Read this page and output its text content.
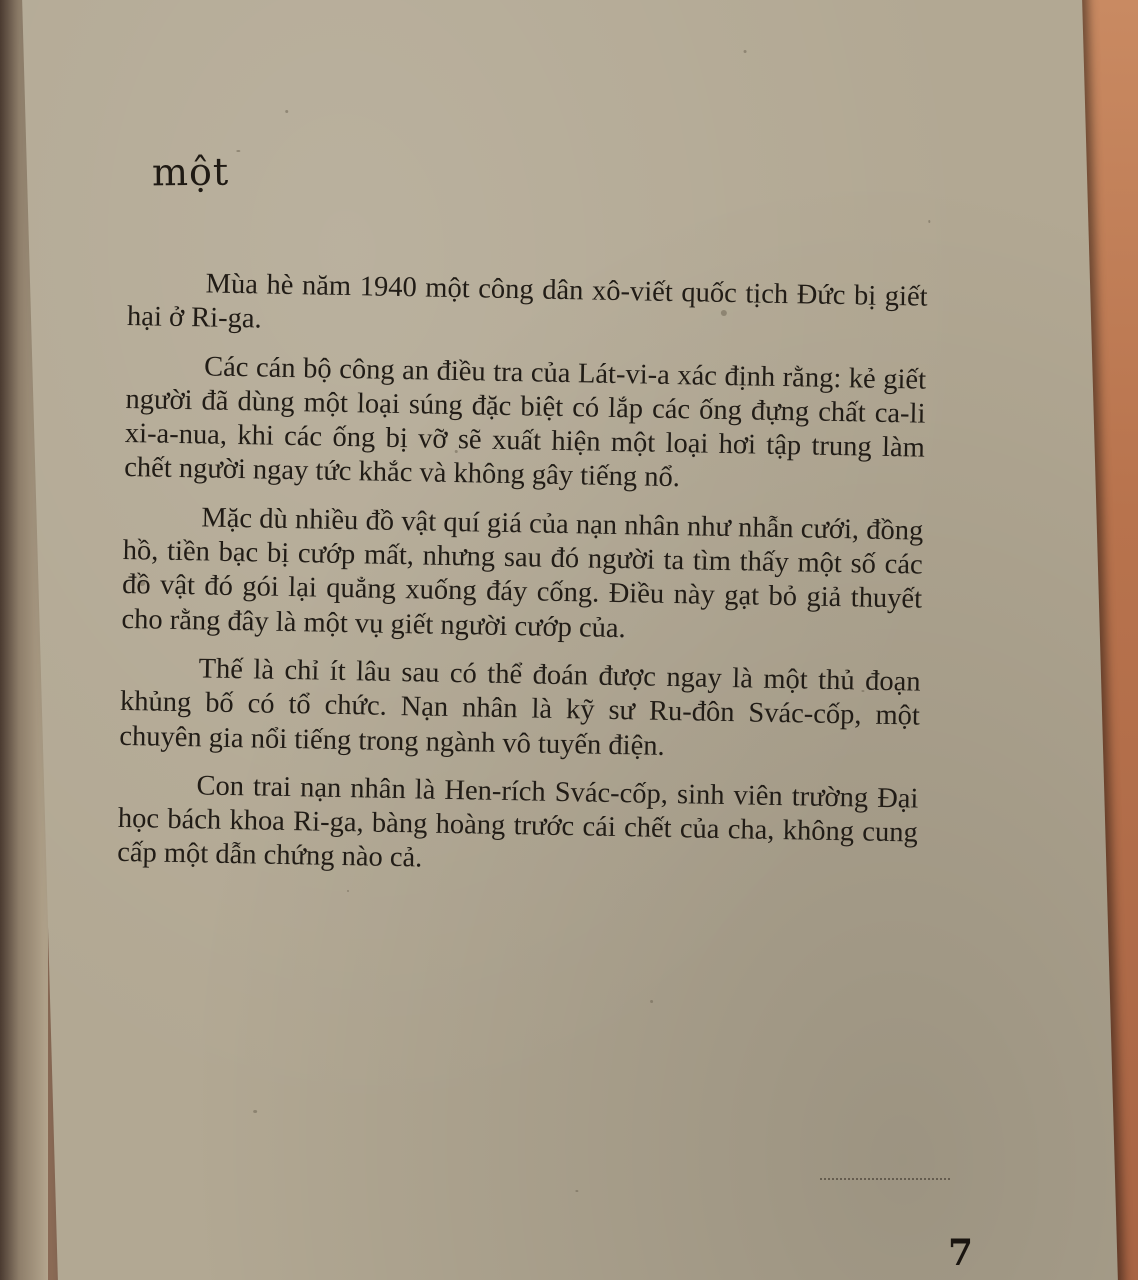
một

Mùa hè năm 1940 một công dân xô-viết quốc tịch Đức bị giết hại ở Ri-ga.

Các cán bộ công an điều tra của Lát-vi-a xác định rằng: kẻ giết người đã dùng một loại súng đặc biệt có lắp các ống đựng chất ca-li xi-a-nua, khi các ống bị vỡ sẽ xuất hiện một loại hơi tập trung làm chết người ngay tức khắc và không gây tiếng nổ.

Mặc dù nhiều đồ vật quí giá của nạn nhân như nhẫn cưới, đồng hồ, tiền bạc bị cướp mất, nhưng sau đó người ta tìm thấy một số các đồ vật đó gói lại quẳng xuống đáy cống. Điều này gạt bỏ giả thuyết cho rằng đây là một vụ giết người cướp của.

Thế là chỉ ít lâu sau có thể đoán được ngay là một thủ đoạn khủng bố có tổ chức. Nạn nhân là kỹ sư Ru-đôn Svác-cốp, một chuyên gia nổi tiếng trong ngành vô tuyến điện.

Con trai nạn nhân là Hen-rích Svác-cốp, sinh viên trường Đại học bách khoa Ri-ga, bàng hoàng trước cái chết của cha, không cung cấp một dẫn chứng nào cả.

7
